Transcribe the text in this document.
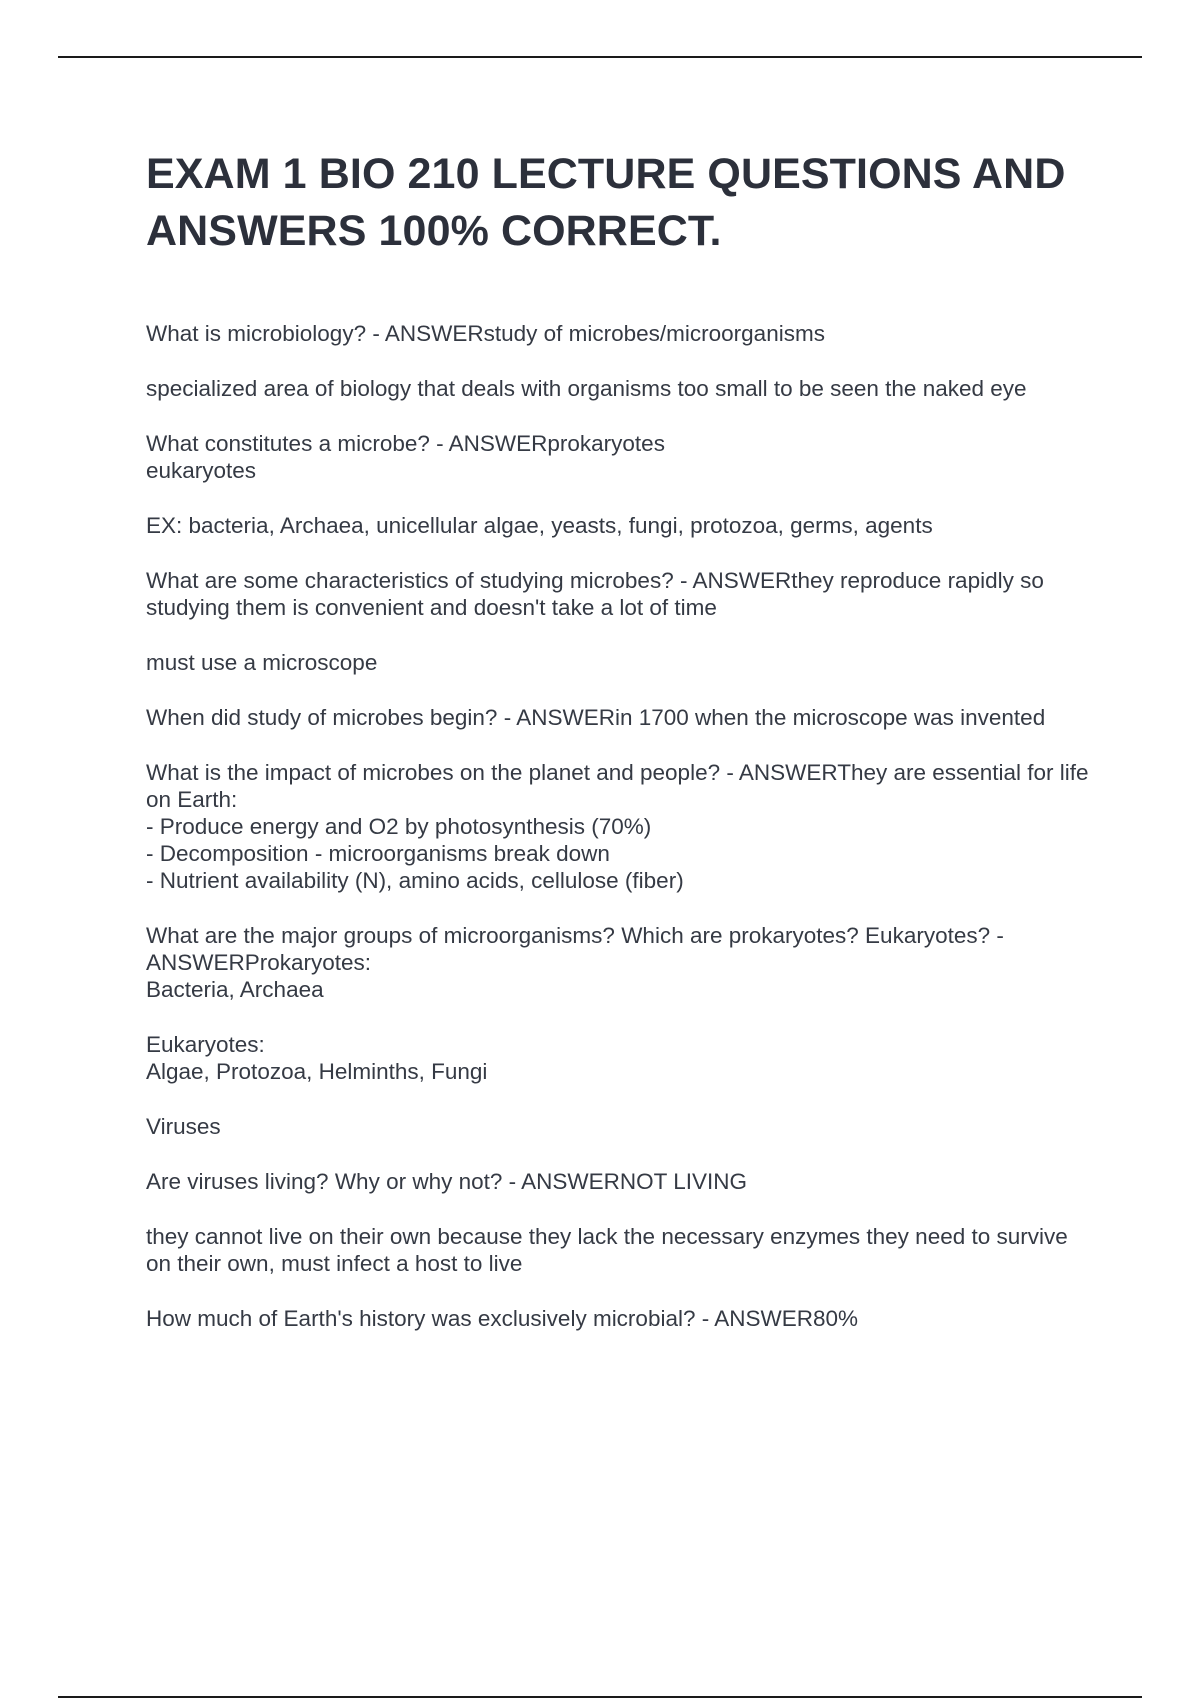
EXAM 1 BIO 210 LECTURE QUESTIONS AND ANSWERS 100% CORRECT.

What is microbiology? - ANSWERstudy of microbes/microorganisms

specialized area of biology that deals with organisms too small to be seen the naked eye

What constitutes a microbe? - ANSWERprokaryotes
eukaryotes

EX: bacteria, Archaea, unicellular algae, yeasts, fungi, protozoa, germs, agents

What are some characteristics of studying microbes? - ANSWERthey reproduce rapidly so studying them is convenient and doesn't take a lot of time

must use a microscope

When did study of microbes begin? - ANSWERin 1700 when the microscope was invented

What is the impact of microbes on the planet and people? - ANSWERThey are essential for life on Earth:
- Produce energy and O2 by photosynthesis (70%)
- Decomposition - microorganisms break down
- Nutrient availability (N), amino acids, cellulose (fiber)

What are the major groups of microorganisms? Which are prokaryotes? Eukaryotes? - ANSWERProkaryotes:
Bacteria, Archaea

Eukaryotes:
Algae, Protozoa, Helminths, Fungi

Viruses

Are viruses living? Why or why not? - ANSWERNOT LIVING

they cannot live on their own because they lack the necessary enzymes they need to survive on their own, must infect a host to live

How much of Earth's history was exclusively microbial? - ANSWER80%
